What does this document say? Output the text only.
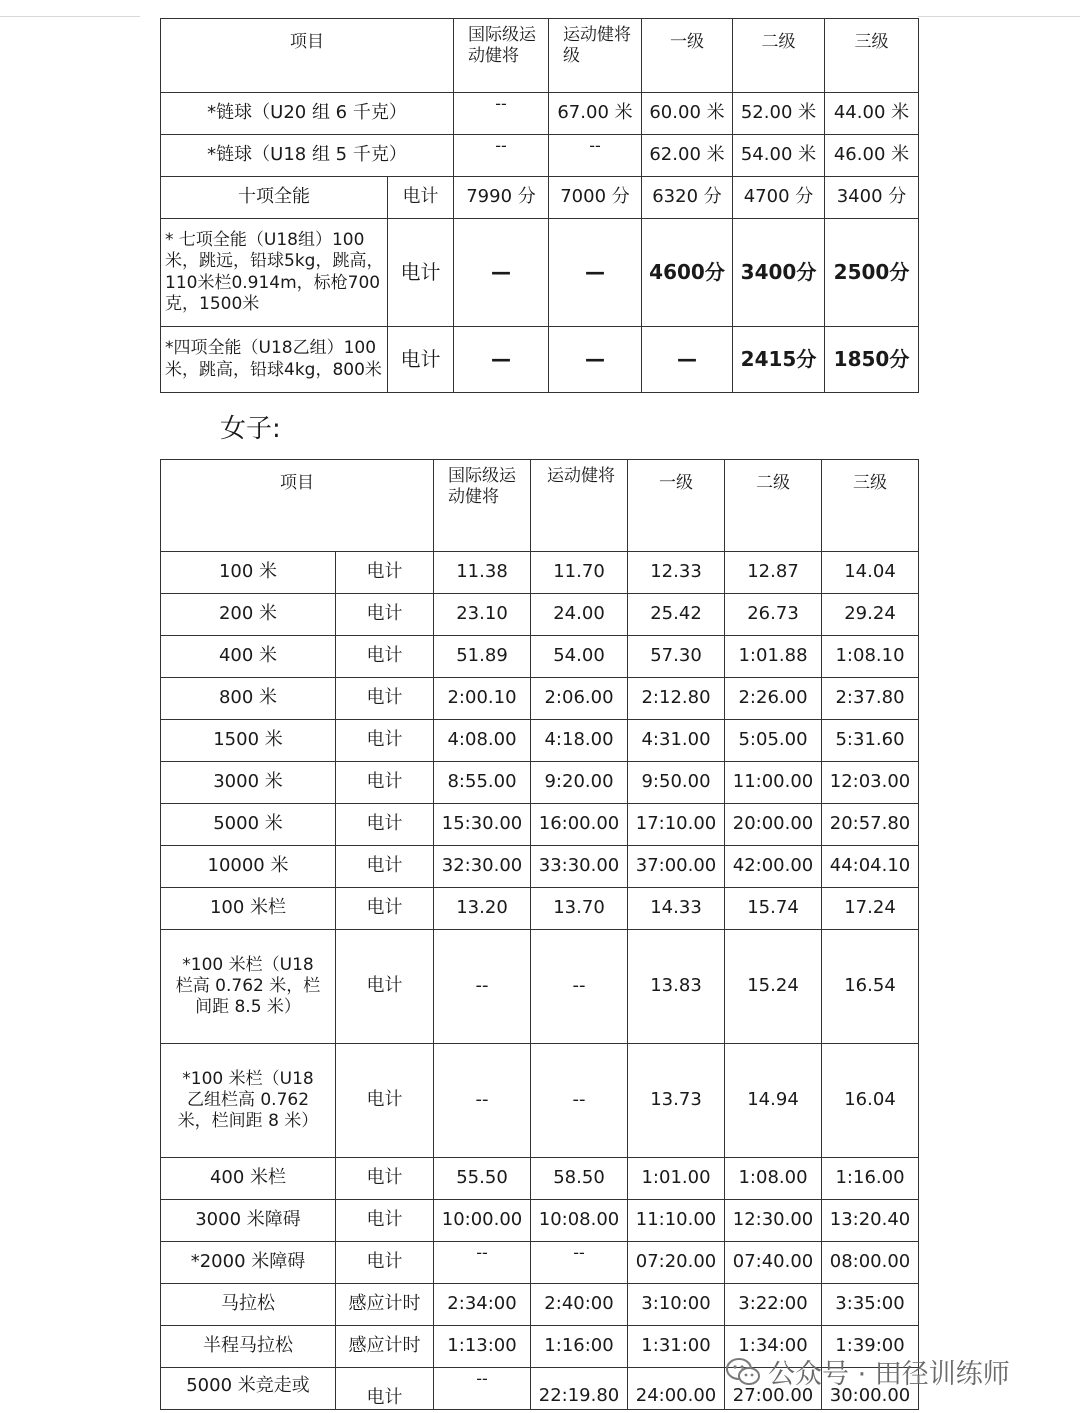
项目		国际级运动健将	运动健将级	一级	二级	三级
*链球（U20 组 6 千克）		--	67.00 米	60.00 米	52.00 米	44.00 米
*链球（U18 组 5 千克）		--	--	62.00 米	54.00 米	46.00 米
十项全能	电计	7990 分	7000 分	6320 分	4700 分	3400 分
* 七项全能（U18组）100米，跳远，铅球5kg，跳高，110米栏0.914m，标枪700克，1500米	电计	—	—	4600分	3400分	2500分
*四项全能（U18乙组）100米，跳高，铅球4kg，800米	电计	—	—	—	2415分	1850分
女子:
项目		国际级运动健将	运动健将	一级	二级	三级
100 米	电计	11.38	11.70	12.33	12.87	14.04
200 米	电计	23.10	24.00	25.42	26.73	29.24
400 米	电计	51.89	54.00	57.30	1:01.88	1:08.10
800 米	电计	2:00.10	2:06.00	2:12.80	2:26.00	2:37.80
1500 米	电计	4:08.00	4:18.00	4:31.00	5:05.00	5:31.60
3000 米	电计	8:55.00	9:20.00	9:50.00	11:00.00	12:03.00
5000 米	电计	15:30.00	16:00.00	17:10.00	20:00.00	20:57.80
10000 米	电计	32:30.00	33:30.00	37:00.00	42:00.00	44:04.10
100 米栏	电计	13.20	13.70	14.33	15.74	17.24
*100 米栏（U18 栏高 0.762 米，栏间距 8.5 米）	电计	--	--	13.83	15.24	16.54
*100 米栏（U18 乙组栏高 0.762 米，栏间距 8 米）	电计	--	--	13.73	14.94	16.04
400 米栏	电计	55.50	58.50	1:01.00	1:08.00	1:16.00
3000 米障碍	电计	10:00.00	10:08.00	11:10.00	12:30.00	13:20.40
*2000 米障碍	电计	--	--	07:20.00	07:40.00	08:00.00
马拉松	感应计时	2:34:00	2:40:00	3:10:00	3:22:00	3:35:00
半程马拉松	感应计时	1:13:00	1:16:00	1:31:00	1:34:00	1:39:00
5000 米竞走或	电计	--	22:19.80	24:00.00	27:00.00	30:00.00
公众号 · 田径训练师
